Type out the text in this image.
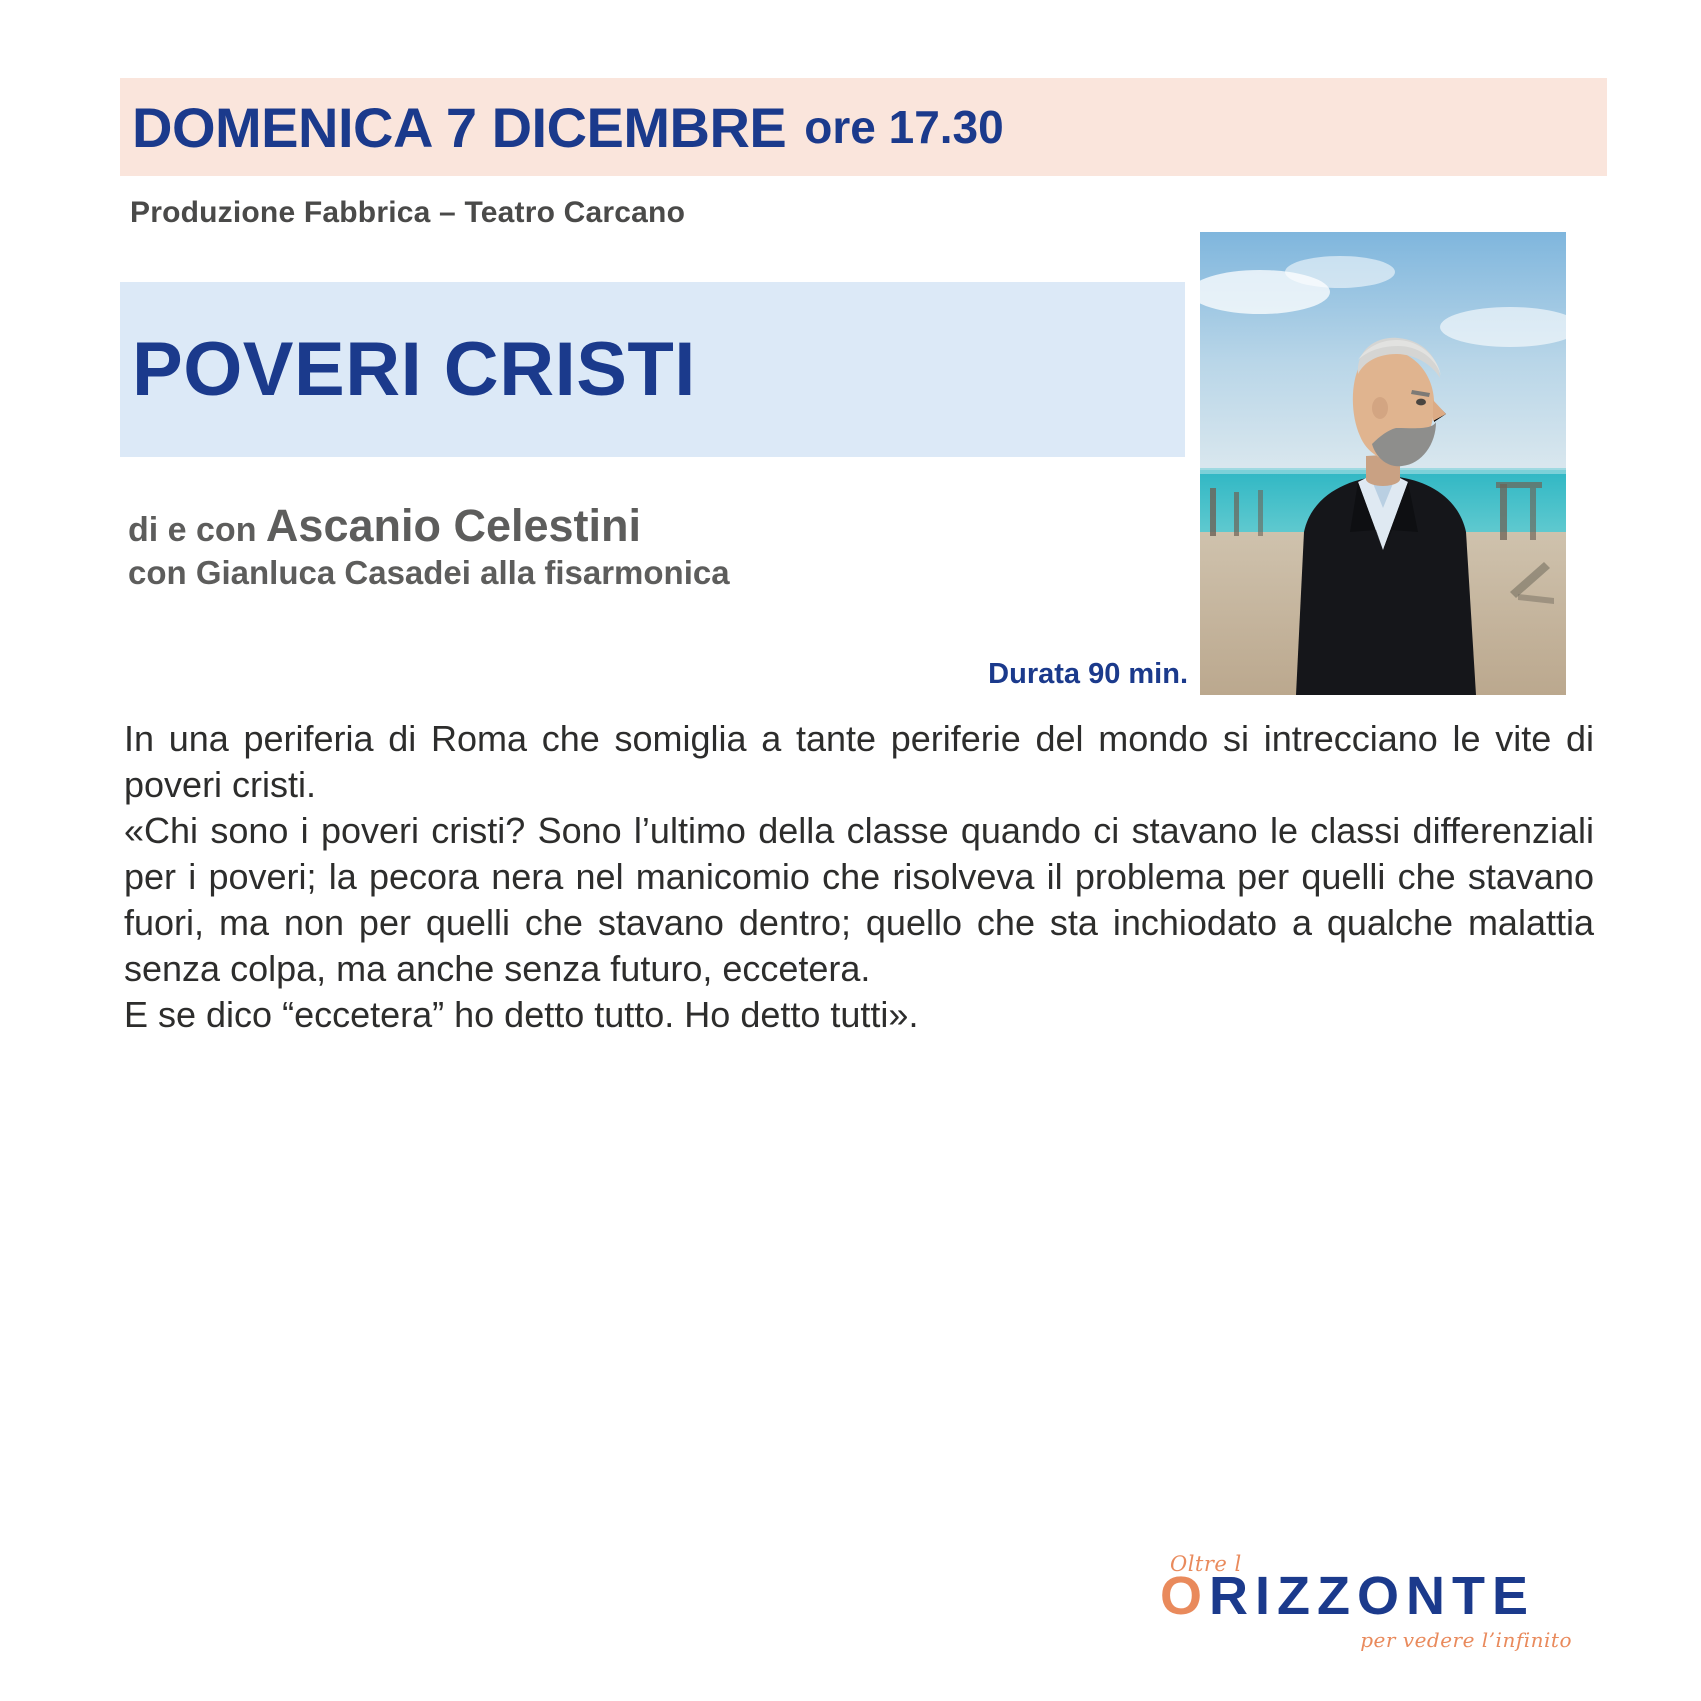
DOMENICA 7 DICEMBRE ore 17.30
Produzione Fabbrica – Teatro Carcano
POVERI CRISTI
di e con Ascanio Celestini
con Gianluca Casadei alla fisarmonica
Durata 90 min.

In una periferia di Roma che somiglia a tante periferie del mondo si intrecciano le vite di poveri cristi.

«Chi sono i poveri cristi? Sono l’ultimo della classe quando ci stavano le classi differenziali per i poveri; la pecora nera nel manicomio che risolveva il problema per quelli che stavano fuori, ma non per quelli che stavano dentro; quello che sta inchiodato a qualche malattia senza colpa, ma anche senza futuro, eccetera.

E se dico “eccetera” ho detto tutto. Ho detto tutti».

Oltre l
ORIZZONTE
per vedere l’infinito
